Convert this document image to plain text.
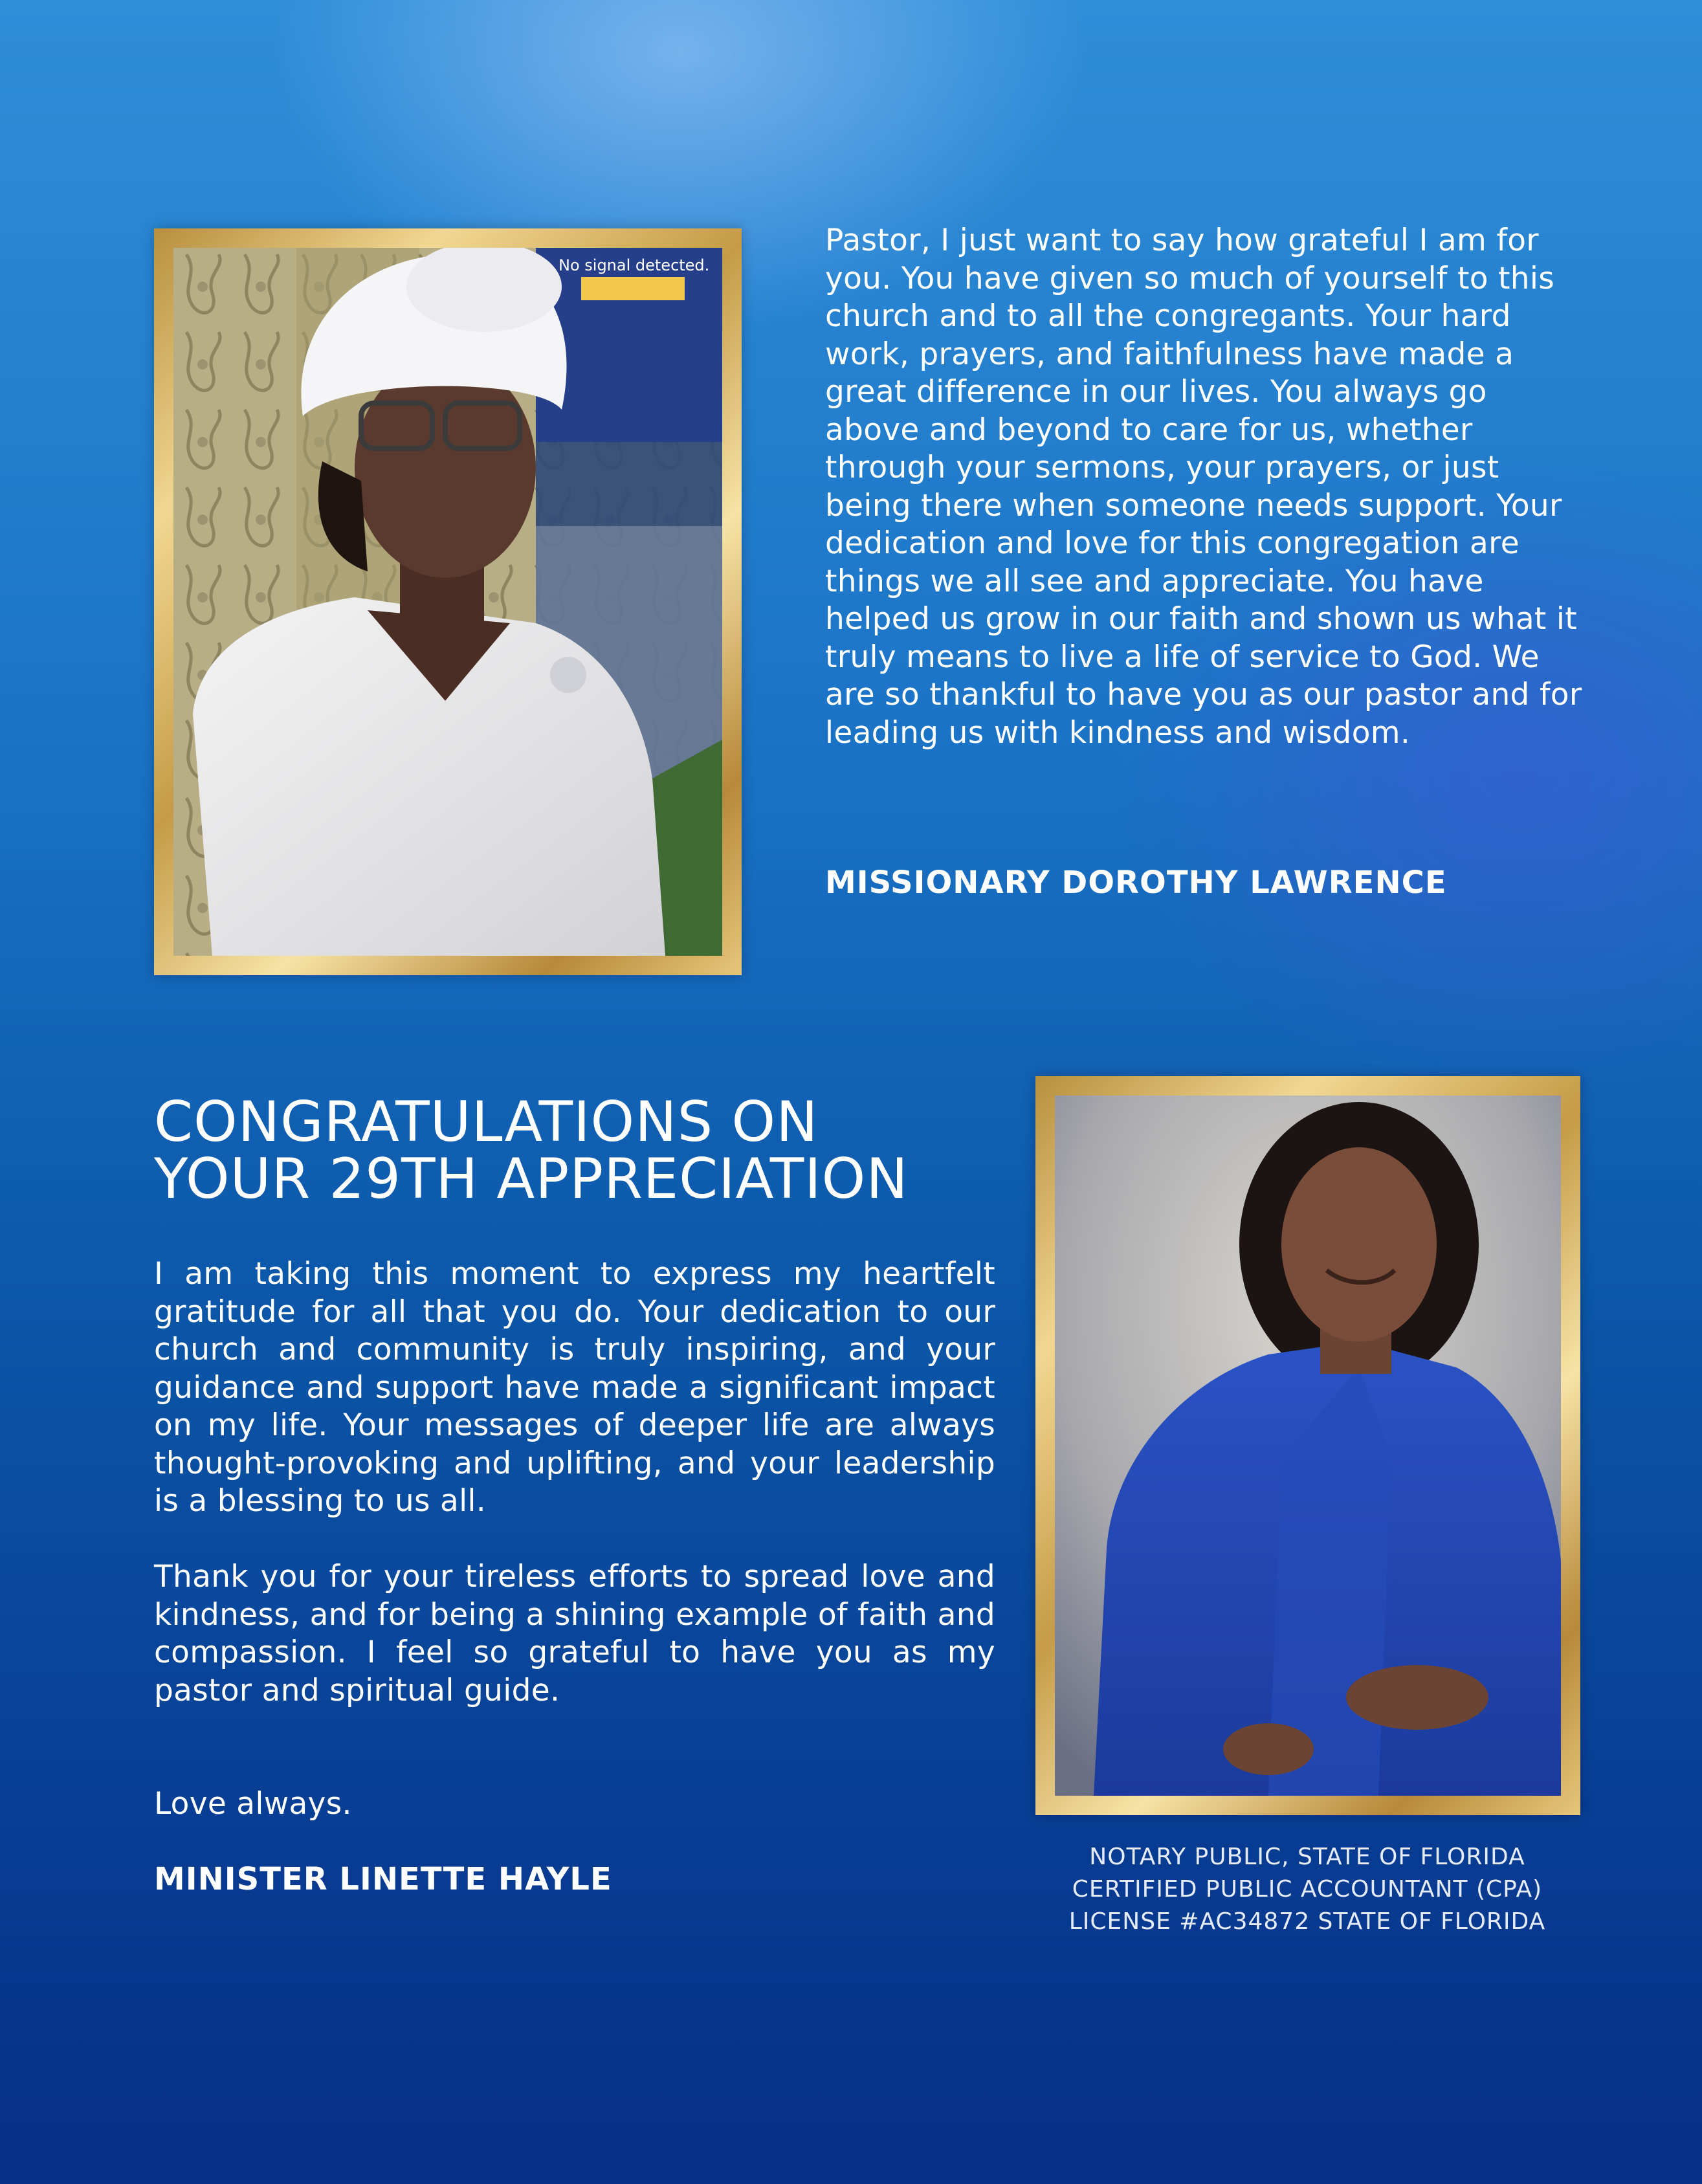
No signal detected.

Pastor, I just want to say how grateful I am for you. You have given so much of yourself to this church and to all the congregants. Your hard work, prayers, and faithfulness have made a great difference in our lives. You always go above and beyond to care for us, whether through your sermons, your prayers, or just being there when someone needs support. Your dedication and love for this congregation are things we all see and appreciate. You have helped us grow in our faith and shown us what it truly means to live a life of service to God. We are so thankful to have you as our pastor and for leading us with kindness and wisdom.

MISSIONARY DOROTHY LAWRENCE
CONGRATULATIONS ON
YOUR 29TH APPRECIATION

I am taking this moment to express my heartfelt gratitude for all that you do. Your dedication to our church and community is truly inspiring, and your guidance and support have made a significant impact on my life. Your messages of deeper life are always thought-provoking and uplifting, and your leadership is a blessing to us all.

Thank you for your tireless efforts to spread love and kindness, and for being a shining example of faith and compassion. I feel so grateful to have you as my pastor and spiritual guide.

Love always.
MINISTER LINETTE HAYLE
NOTARY PUBLIC, STATE OF FLORIDA
CERTIFIED PUBLIC ACCOUNTANT (CPA)
LICENSE #AC34872 STATE OF FLORIDA
